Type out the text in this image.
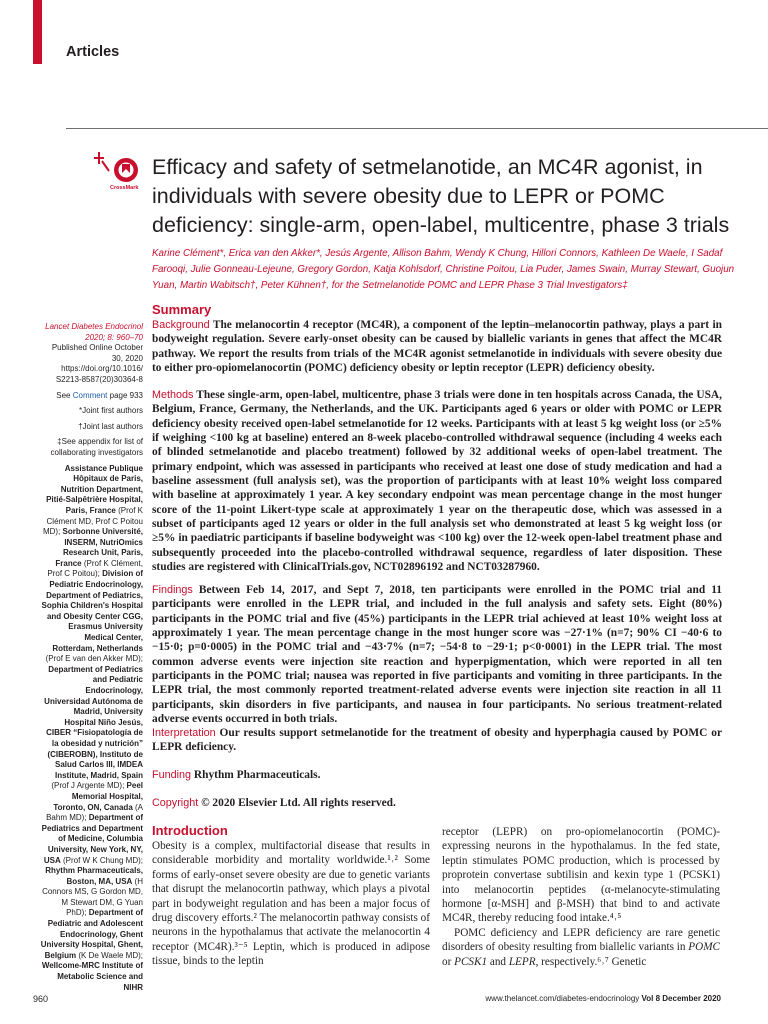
Articles
CrossMark
Efficacy and safety of setmelanotide, an MC4R agonist, in individuals with severe obesity due to LEPR or POMC deficiency: single-arm, open-label, multicentre, phase 3 trials
Karine Clément*, Erica van den Akker*, Jesús Argente, Allison Bahm, Wendy K Chung, Hillori Connors, Kathleen De Waele, I Sadaf Farooqi, Julie Gonneau-Lejeune, Gregory Gordon, Katja Kohlsdorf, Christine Poitou, Lia Puder, James Swain, Murray Stewart, Guojun Yuan, Martin Wabitsch†, Peter Kühnen†, for the Setmelanotide POMC and LEPR Phase 3 Trial Investigators‡
Summary

Background The melanocortin 4 receptor (MC4R), a component of the leptin–melanocortin pathway, plays a part in bodyweight regulation. Severe early-onset obesity can be caused by biallelic variants in genes that affect the MC4R pathway. We report the results from trials of the MC4R agonist setmelanotide in individuals with severe obesity due to either pro-opiomelanocortin (POMC) deficiency obesity or leptin receptor (LEPR) deficiency obesity.

Methods These single-arm, open-label, multicentre, phase 3 trials were done in ten hospitals across Canada, the USA, Belgium, France, Germany, the Netherlands, and the UK. Participants aged 6 years or older with POMC or LEPR deficiency obesity received open-label setmelanotide for 12 weeks. Participants with at least 5 kg weight loss (or ≥5% if weighing <100 kg at baseline) entered an 8-week placebo-controlled withdrawal sequence (including 4 weeks each of blinded setmelanotide and placebo treatment) followed by 32 additional weeks of open-label treatment. The primary endpoint, which was assessed in participants who received at least one dose of study medication and had a baseline assessment (full analysis set), was the proportion of participants with at least 10% weight loss compared with baseline at approximately 1 year. A key secondary endpoint was mean percentage change in the most hunger score of the 11-point Likert-type scale at approximately 1 year on the therapeutic dose, which was assessed in a subset of participants aged 12 years or older in the full analysis set who demonstrated at least 5 kg weight loss (or ≥5% in paediatric participants if baseline bodyweight was <100 kg) over the 12-week open-label treatment phase and subsequently proceeded into the placebo-controlled withdrawal sequence, regardless of later disposition. These studies are registered with ClinicalTrials.gov, NCT02896192 and NCT03287960.

Findings Between Feb 14, 2017, and Sept 7, 2018, ten participants were enrolled in the POMC trial and 11 participants were enrolled in the LEPR trial, and included in the full analysis and safety sets. Eight (80%) participants in the POMC trial and five (45%) participants in the LEPR trial achieved at least 10% weight loss at approximately 1 year. The mean percentage change in the most hunger score was −27·1% (n=7; 90% CI −40·6 to −15·0; p=0·0005) in the POMC trial and −43·7% (n=7; −54·8 to −29·1; p<0·0001) in the LEPR trial. The most common adverse events were injection site reaction and hyperpigmentation, which were reported in all ten participants in the POMC trial; nausea was reported in five participants and vomiting in three participants. In the LEPR trial, the most commonly reported treatment-related adverse events were injection site reaction in all 11 participants, skin disorders in five participants, and nausea in four participants. No serious treatment-related adverse events occurred in both trials.

Interpretation Our results support setmelanotide for the treatment of obesity and hyperphagia caused by POMC or LEPR deficiency.

Funding Rhythm Pharmaceuticals.

Copyright © 2020 Elsevier Ltd. All rights reserved.

Lancet Diabetes Endocrinol

2020; 8: 960–70

Published Online October 30, 2020 https://doi.org/10.1016/ S2213-8587(20)30364-8

See Comment page 933

*Joint first authors

†Joint last authors

‡See appendix for list of collaborating investigators

Assistance Publique Hôpitaux de Paris, Nutrition Department, Pitié-Salpêtrière Hospital, Paris, France (Prof K Clément MD, Prof C Poitou MD); Sorbonne Université, INSERM, NutriOmics Research Unit, Paris, France (Prof K Clément, Prof C Poitou); Division of Pediatric Endocrinology, Department of Pediatrics, Sophia Children's Hospital and Obesity Center CGG, Erasmus University Medical Center, Rotterdam, Netherlands (Prof E van den Akker MD); Department of Pediatrics and Pediatric Endocrinology, Universidad Autónoma de Madrid, University Hospital Niño Jesús, CIBER “Fisiopatología de la obesidad y nutrición” (CIBEROBN), Instituto de Salud Carlos III, IMDEA Institute, Madrid, Spain (Prof J Argente MD); Peel Memorial Hospital, Toronto, ON, Canada (A Bahm MD); Department of Pediatrics and Department of Medicine, Columbia University, New York, NY, USA (Prof W K Chung MD); Rhythm Pharmaceuticals, Boston, MA, USA (H Connors MS, G Gordon MD, M Stewart DM, G Yuan PhD); Department of Pediatric and Adolescent Endocrinology, Ghent University Hospital, Ghent, Belgium (K De Waele MD); Wellcome-MRC Institute of Metabolic Science and NIHR

Introduction

Obesity is a complex, multifactorial disease that results in considerable morbidity and mortality worldwide.¹˒² Some forms of early-onset severe obesity are due to genetic variants that disrupt the melanocortin pathway, which plays a pivotal part in bodyweight regulation and has been a major focus of drug discovery efforts.² The melanocortin pathway consists of neurons in the hypothalamus that activate the melanocortin 4 receptor (MC4R).³⁻⁵ Leptin, which is produced in adipose tissue, binds to the leptin

receptor (LEPR) on pro-opiomelanocortin (POMC)-expressing neurons in the hypothalamus. In the fed state, leptin stimulates POMC production, which is processed by proprotein convertase subtilisin and kexin type 1 (PCSK1) into melanocortin peptides (α-melanocyte-stimulating hormone [α-MSH] and β-MSH) that bind to and activate MC4R, thereby reducing food intake.⁴˒⁵

POMC deficiency and LEPR deficiency are rare genetic disorders of obesity resulting from biallelic variants in POMC or PCSK1 and LEPR, respectively.⁶˒⁷ Genetic

960	www.thelancet.com/diabetes-endocrinology Vol 8 December 2020
